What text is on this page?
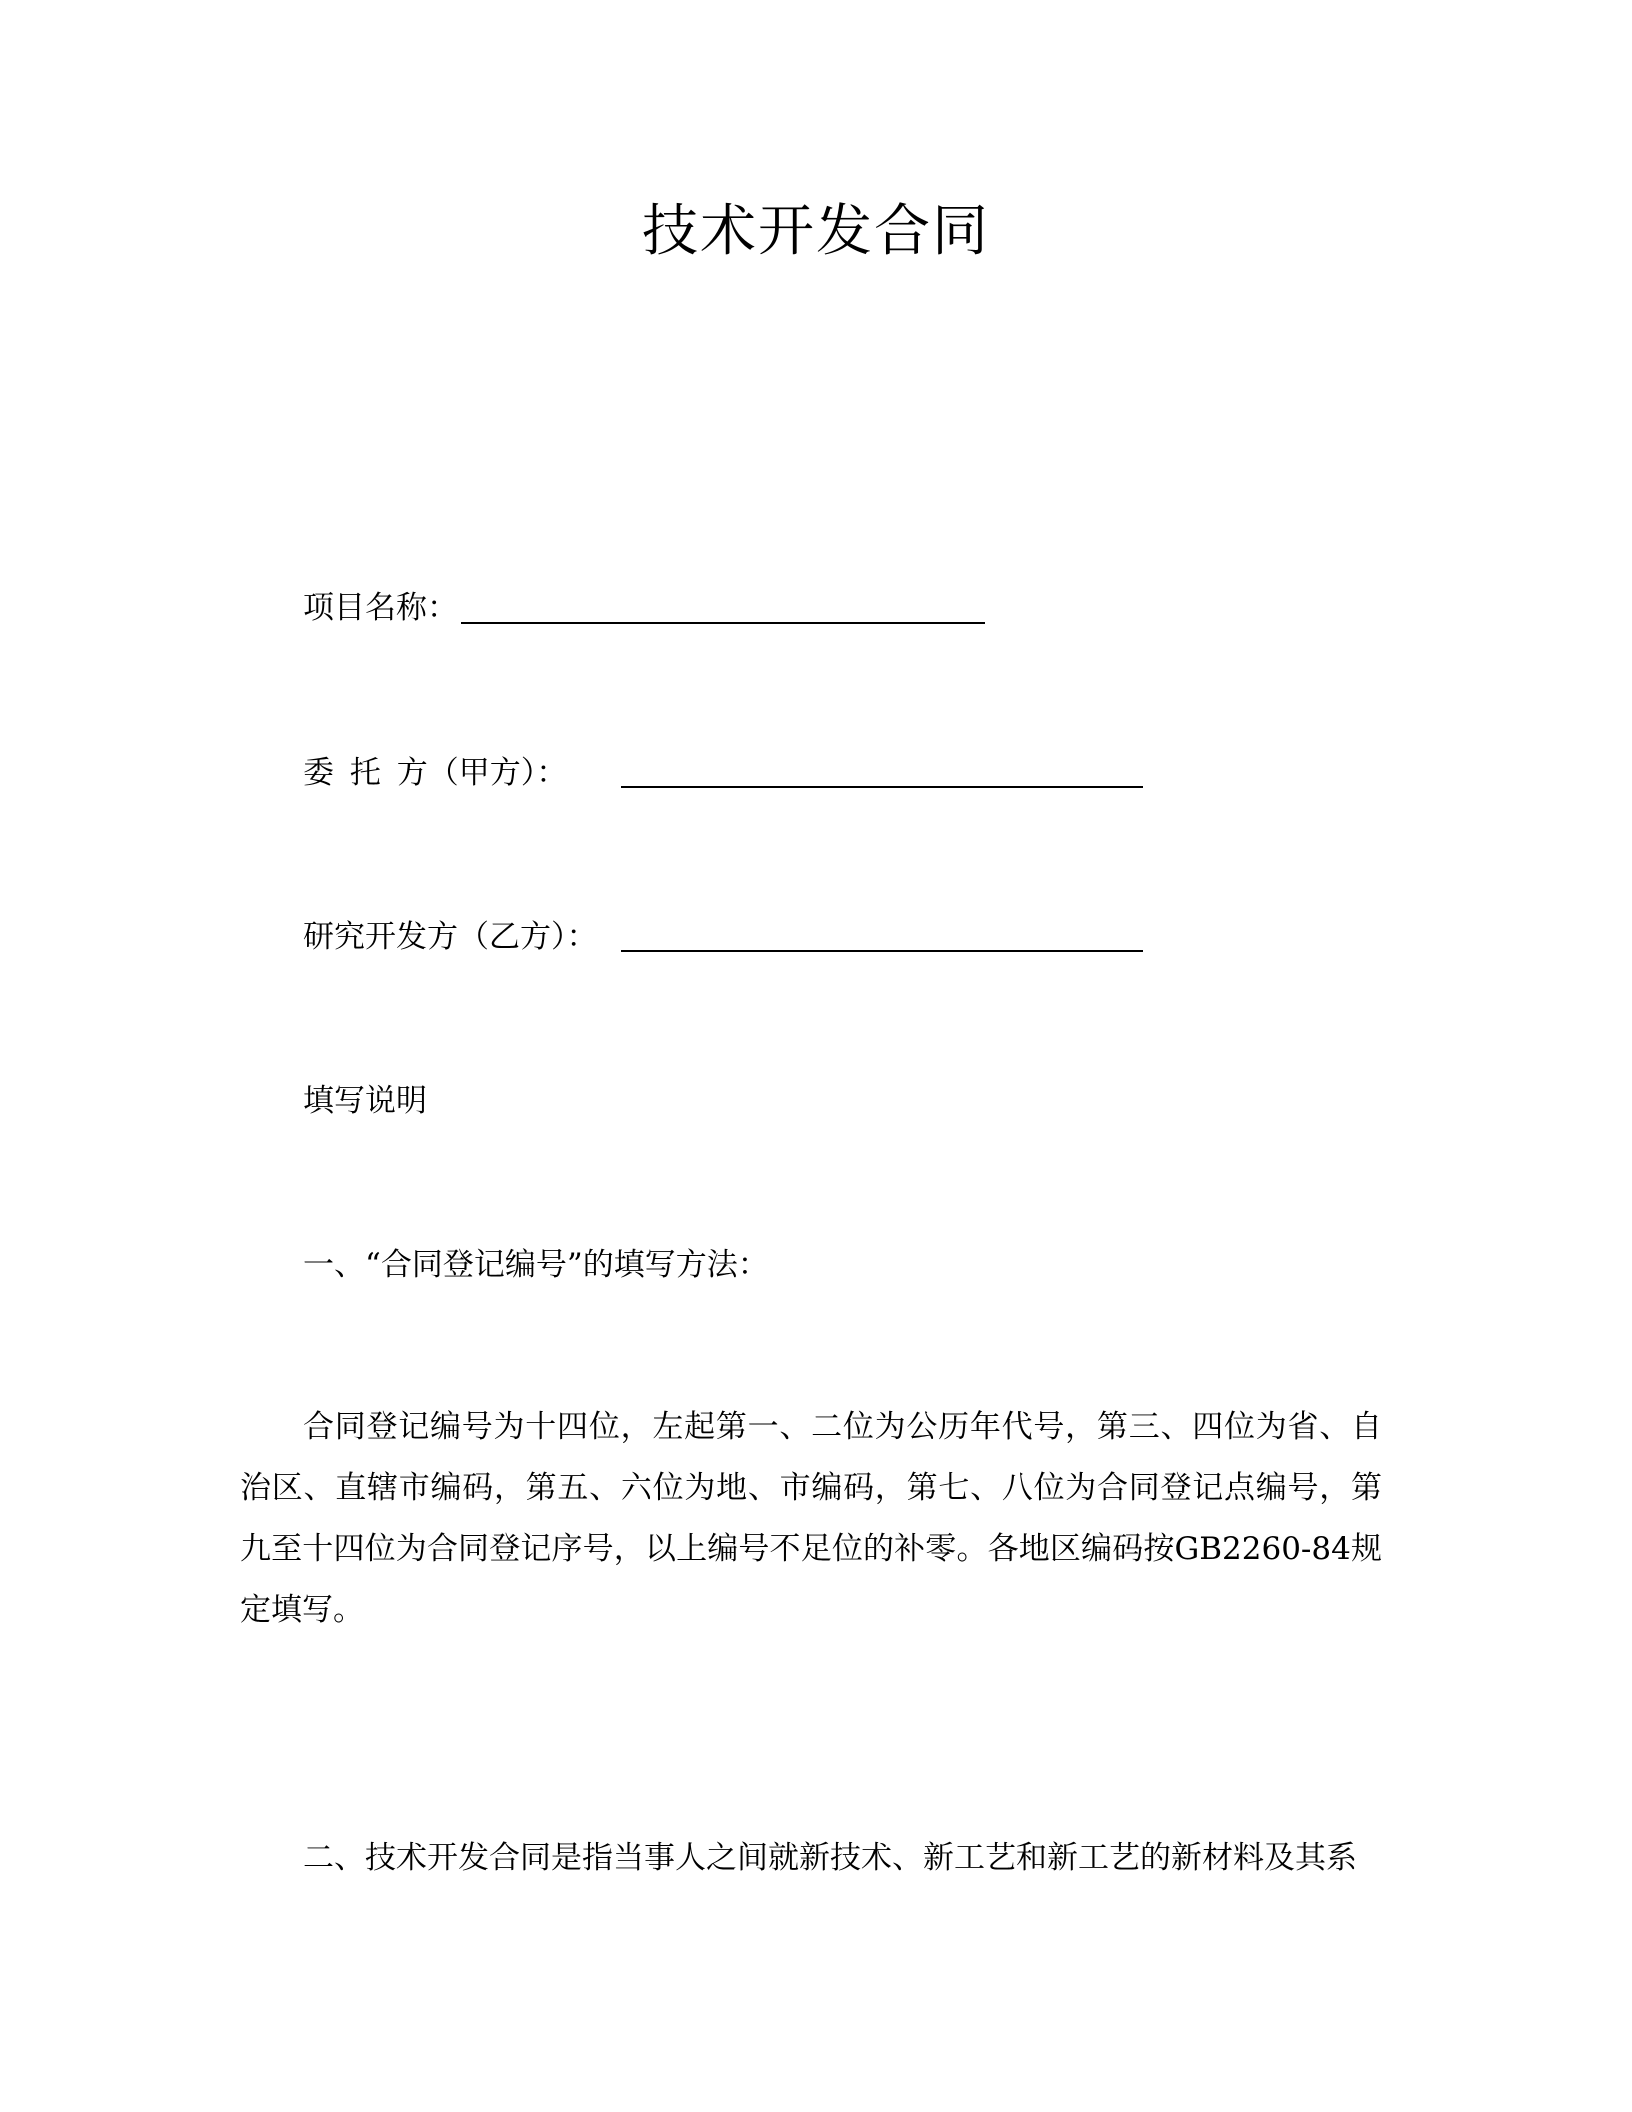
技术开发合同
项目名称：
委 托 方（甲方）：
研究开发方（乙方）：
填写说明
一、“合同登记编号”的填写方法：
合同登记编号为十四位，左起第一、二位为公历年代号，第三、四位为省、自治区、直辖市编码，第五、六位为地、市编码，第七、八位为合同登记点编号，第九至十四位为合同登记序号，以上编号不足位的补零。各地区编码按GB2260-84规定填写。
二、技术开发合同是指当事人之间就新技术、新工艺和新工艺的新材料及其系
